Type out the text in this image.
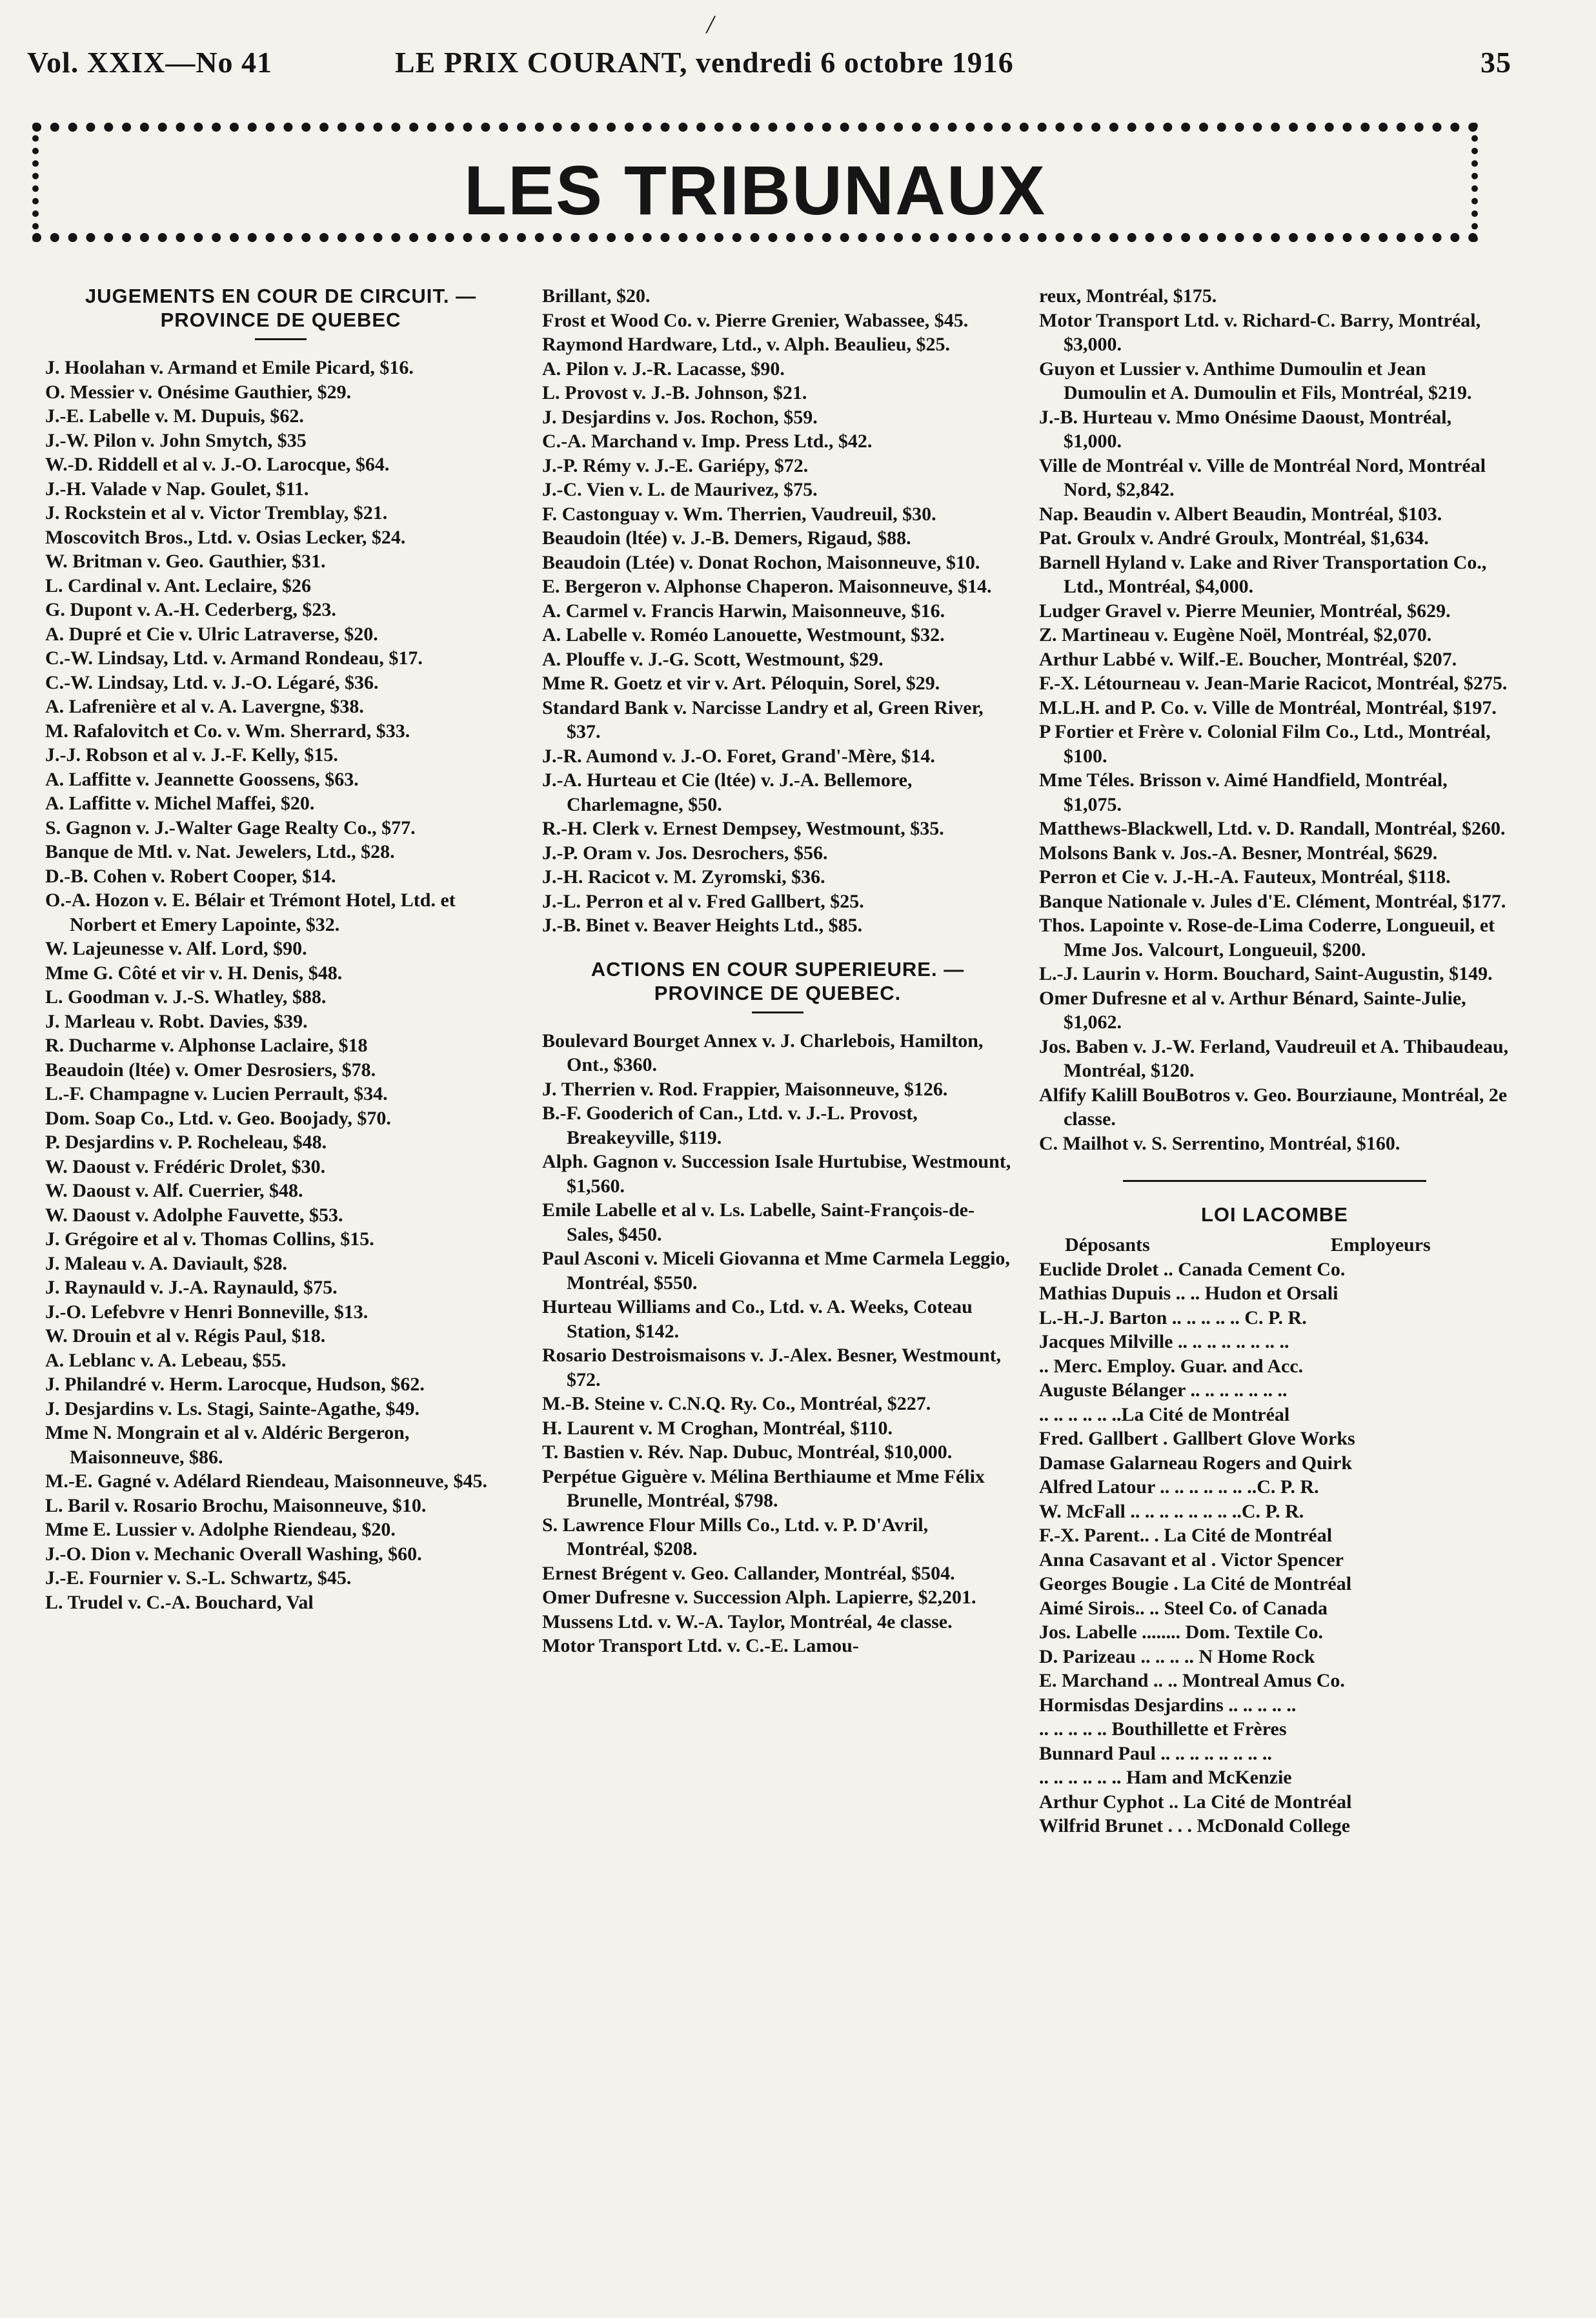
/
Vol. XXIX—No 41	LE PRIX COURANT, vendredi 6 octobre 1916	35
LES TRIBUNAUX
JUGEMENTS EN COUR DE CIRCUIT. — PROVINCE DE QUEBEC
J. Hoolahan v. Armand et Emile Picard, $16.
O. Messier v. Onésime Gauthier, $29.
J.-E. Labelle v. M. Dupuis, $62.
J.-W. Pilon v. John Smytch, $35
W.-D. Riddell et al v. J.-O. Larocque, $64.
J.-H. Valade v Nap. Goulet, $11.
J. Rockstein et al v. Victor Tremblay, $21.
Moscovitch Bros., Ltd. v. Osias Lecker, $24.
W. Britman v. Geo. Gauthier, $31.
L. Cardinal v. Ant. Leclaire, $26
G. Dupont v. A.-H. Cederberg, $23.
A. Dupré et Cie v. Ulric Latraverse, $20.
C.-W. Lindsay, Ltd. v. Armand Rondeau, $17.
C.-W. Lindsay, Ltd. v. J.-O. Légaré, $36.
A. Lafrenière et al v. A. Lavergne, $38.
M. Rafalovitch et Co. v. Wm. Sherrard, $33.
J.-J. Robson et al v. J.-F. Kelly, $15.
A. Laffitte v. Jeannette Goossens, $63.
A. Laffitte v. Michel Maffei, $20.
S. Gagnon v. J.-Walter Gage Realty Co., $77.
Banque de Mtl. v. Nat. Jewelers, Ltd., $28.
D.-B. Cohen v. Robert Cooper, $14.
O.-A. Hozon v. E. Bélair et Trémont Hotel, Ltd. et Norbert et Emery Lapointe, $32.
W. Lajeunesse v. Alf. Lord, $90.
Mme G. Côté et vir v. H. Denis, $48.
L. Goodman v. J.-S. Whatley, $88.
J. Marleau v. Robt. Davies, $39.
R. Ducharme v. Alphonse Laclaire, $18
Beaudoin (ltée) v. Omer Desrosiers, $78.
L.-F. Champagne v. Lucien Perrault, $34.
Dom. Soap Co., Ltd. v. Geo. Boojady, $70.
P. Desjardins v. P. Rocheleau, $48.
W. Daoust v. Frédéric Drolet, $30.
W. Daoust v. Alf. Cuerrier, $48.
W. Daoust v. Adolphe Fauvette, $53.
J. Grégoire et al v. Thomas Collins, $15.
J. Maleau v. A. Daviault, $28.
J. Raynauld v. J.-A. Raynauld, $75.
J.-O. Lefebvre v Henri Bonneville, $13.
W. Drouin et al v. Régis Paul, $18.
A. Leblanc v. A. Lebeau, $55.
J. Philandré v. Herm. Larocque, Hudson, $62.
J. Desjardins v. Ls. Stagi, Sainte-Agathe, $49.
Mme N. Mongrain et al v. Aldéric Bergeron, Maisonneuve, $86.
M.-E. Gagné v. Adélard Riendeau, Maisonneuve, $45.
L. Baril v. Rosario Brochu, Maisonneuve, $10.
Mme E. Lussier v. Adolphe Riendeau, $20.
J.-O. Dion v. Mechanic Overall Washing, $60.
J.-E. Fournier v. S.-L. Schwartz, $45.
L. Trudel v. C.-A. Bouchard, Val
Brillant, $20.
Frost et Wood Co. v. Pierre Grenier, Wabassee, $45.
Raymond Hardware, Ltd., v. Alph. Beaulieu, $25.
A. Pilon v. J.-R. Lacasse, $90.
L. Provost v. J.-B. Johnson, $21.
J. Desjardins v. Jos. Rochon, $59.
C.-A. Marchand v. Imp. Press Ltd., $42.
J.-P. Rémy v. J.-E. Gariépy, $72.
J.-C. Vien v. L. de Maurivez, $75.
F. Castonguay v. Wm. Therrien, Vaudreuil, $30.
Beaudoin (ltée) v. J.-B. Demers, Rigaud, $88.
Beaudoin (Ltée) v. Donat Rochon, Maisonneuve, $10.
E. Bergeron v. Alphonse Chaperon. Maisonneuve, $14.
A. Carmel v. Francis Harwin, Maisonneuve, $16.
A. Labelle v. Roméo Lanouette, Westmount, $32.
A. Plouffe v. J.-G. Scott, Westmount, $29.
Mme R. Goetz et vir v. Art. Péloquin, Sorel, $29.
Standard Bank v. Narcisse Landry et al, Green River, $37.
J.-R. Aumond v. J.-O. Foret, Grand'-Mère, $14.
J.-A. Hurteau et Cie (ltée) v. J.-A. Bellemore, Charlemagne, $50.
R.-H. Clerk v. Ernest Dempsey, Westmount, $35.
J.-P. Oram v. Jos. Desrochers, $56.
J.-H. Racicot v. M. Zyromski, $36.
J.-L. Perron et al v. Fred Gallbert, $25.
J.-B. Binet v. Beaver Heights Ltd., $85.
ACTIONS EN COUR SUPERIEURE. — PROVINCE DE QUEBEC.
Boulevard Bourget Annex v. J. Charlebois, Hamilton, Ont., $360.
J. Therrien v. Rod. Frappier, Maisonneuve, $126.
B.-F. Gooderich of Can., Ltd. v. J.-L. Provost, Breakeyville, $119.
Alph. Gagnon v. Succession Isale Hurtubise, Westmount, $1,560.
Emile Labelle et al v. Ls. Labelle, Saint-François-de-Sales, $450.
Paul Asconi v. Miceli Giovanna et Mme Carmela Leggio, Montréal, $550.
Hurteau Williams and Co., Ltd. v. A. Weeks, Coteau Station, $142.
Rosario Destroismaisons v. J.-Alex. Besner, Westmount, $72.
M.-B. Steine v. C.N.Q. Ry. Co., Montréal, $227.
H. Laurent v. M Croghan, Montréal, $110.
T. Bastien v. Rév. Nap. Dubuc, Montréal, $10,000.
Perpétue Giguère v. Mélina Berthiaume et Mme Félix Brunelle, Montréal, $798.
S. Lawrence Flour Mills Co., Ltd. v. P. D'Avril, Montréal, $208.
Ernest Brégent v. Geo. Callander, Montréal, $504.
Omer Dufresne v. Succession Alph. Lapierre, $2,201.
Mussens Ltd. v. W.-A. Taylor, Montréal, 4e classe.
Motor Transport Ltd. v. C.-E. Lamou-
reux, Montréal, $175.
Motor Transport Ltd. v. Richard-C. Barry, Montréal, $3,000.
Guyon et Lussier v. Anthime Dumoulin et Jean Dumoulin et A. Dumoulin et Fils, Montréal, $219.
J.-B. Hurteau v. Mmo Onésime Daoust, Montréal, $1,000.
Ville de Montréal v. Ville de Montréal Nord, Montréal Nord, $2,842.
Nap. Beaudin v. Albert Beaudin, Montréal, $103.
Pat. Groulx v. André Groulx, Montréal, $1,634.
Barnell Hyland v. Lake and River Transportation Co., Ltd., Montréal, $4,000.
Ludger Gravel v. Pierre Meunier, Montréal, $629.
Z. Martineau v. Eugène Noël, Montréal, $2,070.
Arthur Labbé v. Wilf.-E. Boucher, Montréal, $207.
F.-X. Létourneau v. Jean-Marie Racicot, Montréal, $275.
M.L.H. and P. Co. v. Ville de Montréal, Montréal, $197.
P Fortier et Frère v. Colonial Film Co., Ltd., Montréal, $100.
Mme Téles. Brisson v. Aimé Handfield, Montréal, $1,075.
Matthews-Blackwell, Ltd. v. D. Randall, Montréal, $260.
Molsons Bank v. Jos.-A. Besner, Montréal, $629.
Perron et Cie v. J.-H.-A. Fauteux, Montréal, $118.
Banque Nationale v. Jules d'E. Clément, Montréal, $177.
Thos. Lapointe v. Rose-de-Lima Coderre, Longueuil, et Mme Jos. Valcourt, Longueuil, $200.
L.-J. Laurin v. Horm. Bouchard, Saint-Augustin, $149.
Omer Dufresne et al v. Arthur Bénard, Sainte-Julie, $1,062.
Jos. Baben v. J.-W. Ferland, Vaudreuil et A. Thibaudeau, Montréal, $120.
Alfify Kalill BouBotros v. Geo. Bourziaune, Montréal, 2e classe.
C. Mailhot v. S. Serrentino, Montréal, $160.
LOI LACOMBE
Déposants	Employeurs
Euclide Drolet .. Canada Cement Co.
Mathias Dupuis .. .. Hudon et Orsali
L.-H.-J. Barton .. .. .. .. .. C. P. R.
Jacques Milville .. .. .. .. .. .. .. ..
.. Merc. Employ. Guar. and Acc.
Auguste Bélanger .. .. .. .. .. .. ..
.. .. .. .. .. ..La Cité de Montréal
Fred. Gallbert . Gallbert Glove Works
Damase Galarneau Rogers and Quirk
Alfred Latour .. .. .. .. .. .. ..C. P. R.
W. McFall .. .. .. .. .. .. .. ..C. P. R.
F.-X. Parent.. . La Cité de Montréal
Anna Casavant et al . Victor Spencer
Georges Bougie . La Cité de Montréal
Aimé Sirois.. .. Steel Co. of Canada
Jos. Labelle ........ Dom. Textile Co.
D. Parizeau .. .. .. .. N Home Rock
E. Marchand .. .. Montreal Amus Co.
Hormisdas Desjardins .. .. .. .. ..
.. .. .. .. .. Bouthillette et Frères
Bunnard Paul .. .. .. .. .. .. .. ..
.. .. .. .. .. .. Ham and McKenzie
Arthur Cyphot .. La Cité de Montréal
Wilfrid Brunet . . . McDonald College
